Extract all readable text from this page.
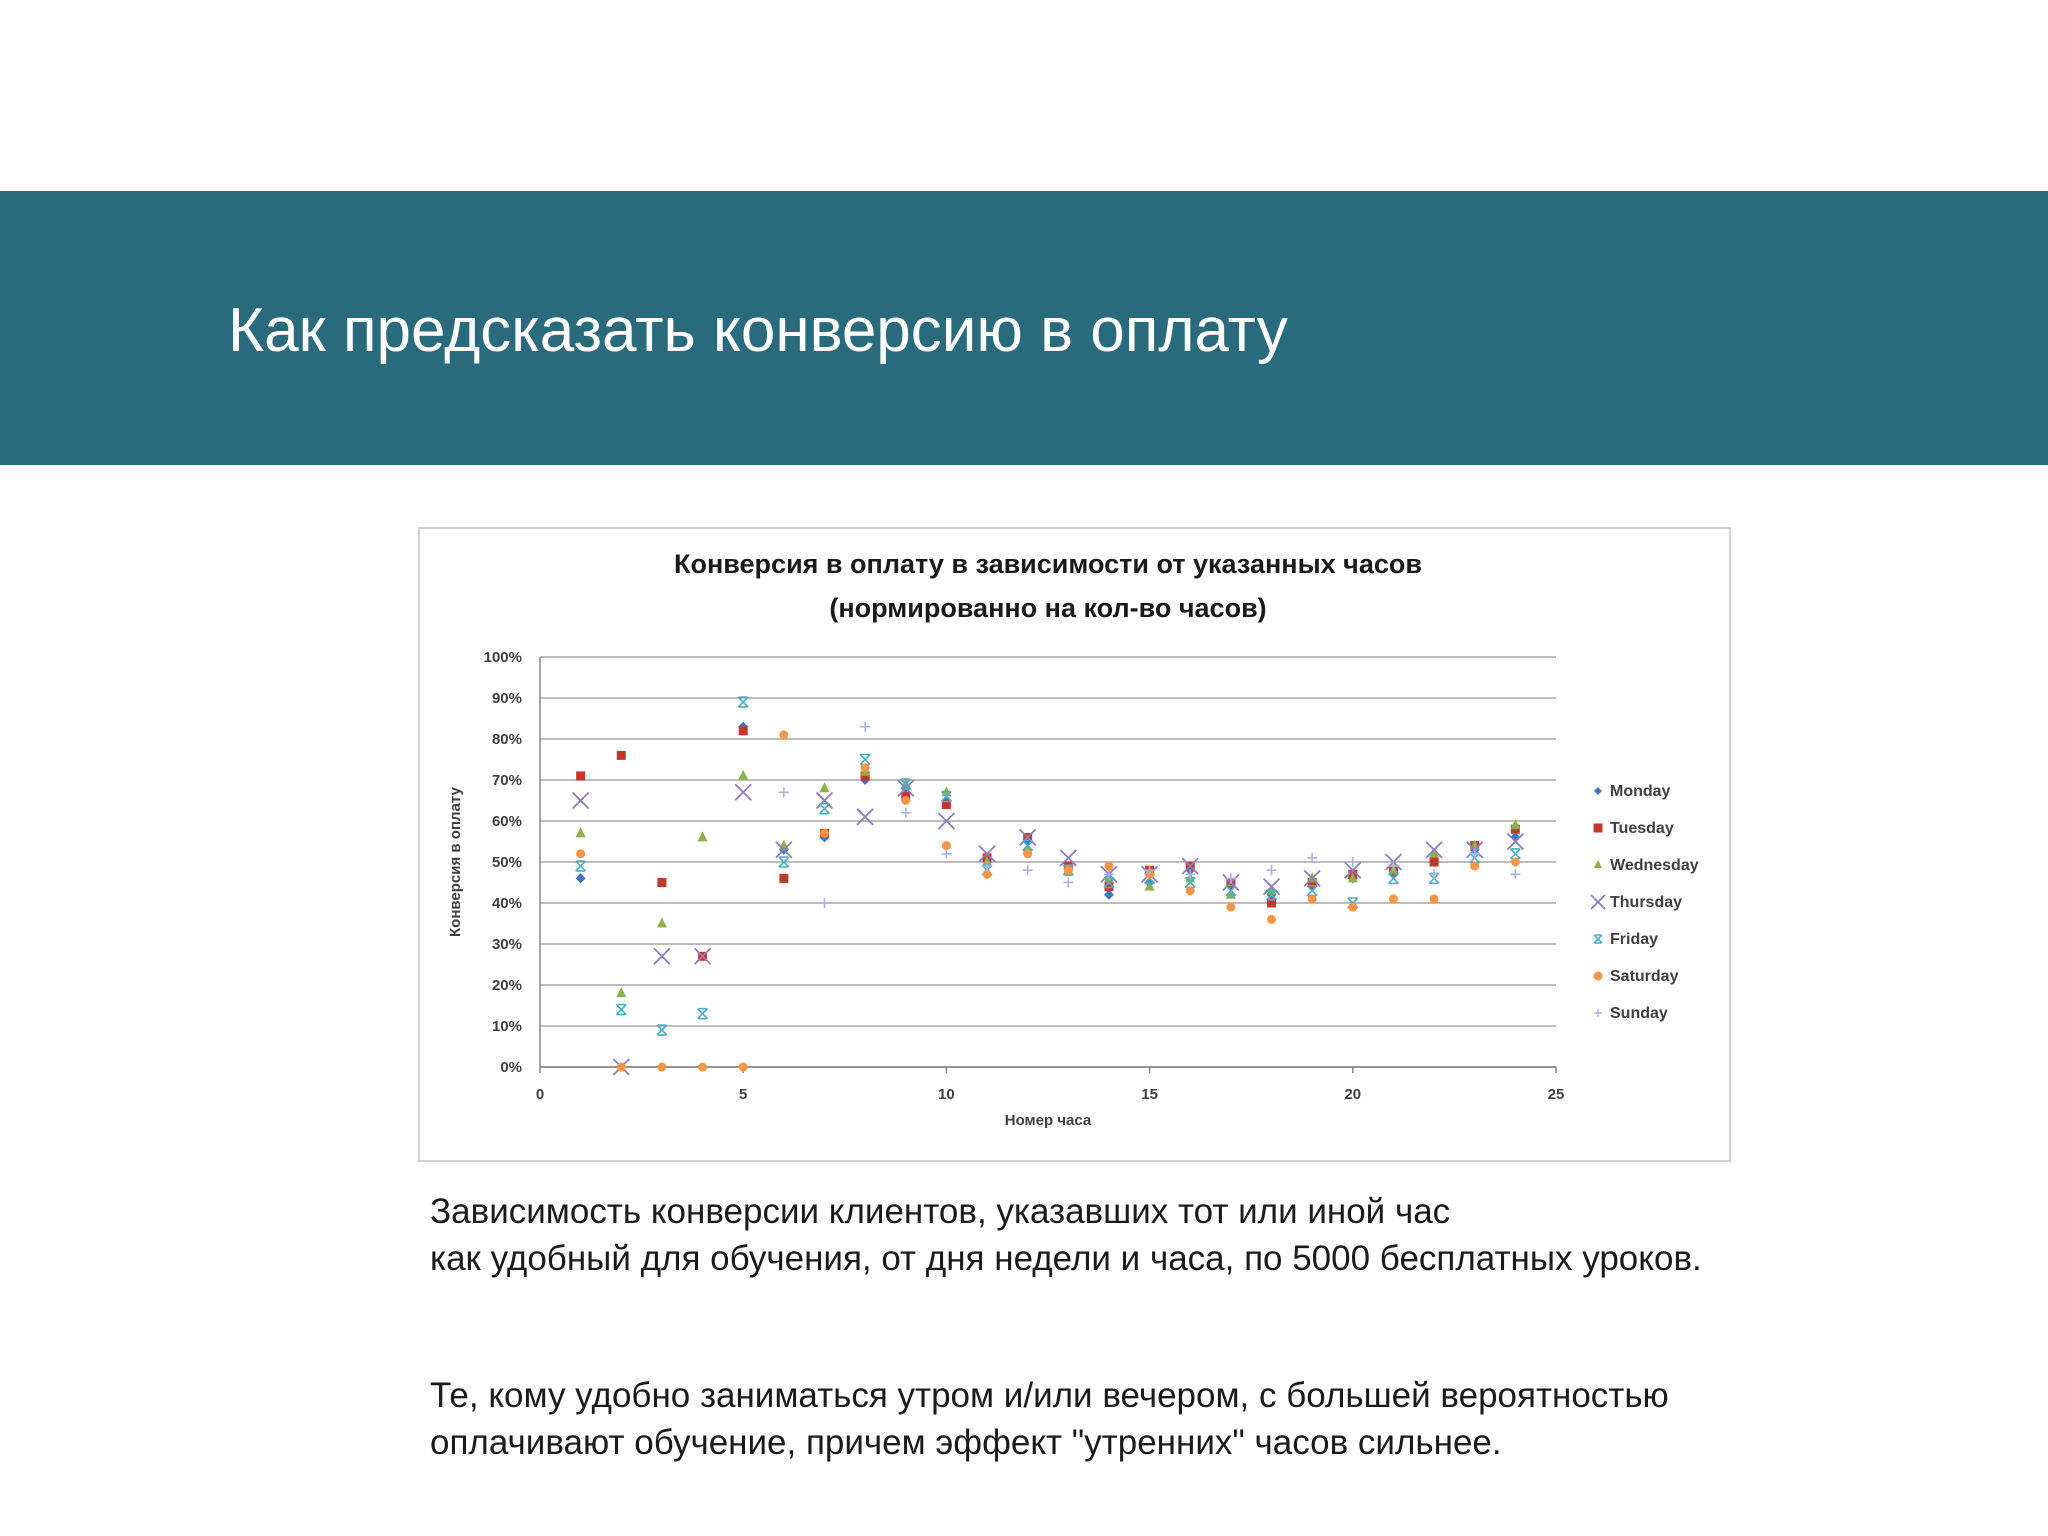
Как предсказать конверсию в оплату
Конверсия в оплату в зависимости от указанных часов
(нормированно на кол-во часов)
0%
10%
20%
30%
40%
50%
60%
70%
80%
90%
100%
0	5	10	15	20	25
Номер часа
Конверсия в оплату	Monday
Tuesday
Wednesday
Thursday
Friday
Saturday
Sunday
Зависимость конверсии клиентов, указавших тот или иной час
как удобный для обучения, от дня недели и часа, по 5000 бесплатных уроков.
Те, кому удобно заниматься утром и/или вечером, с большей вероятностью
оплачивают обучение, причем эффект "утренних" часов сильнее.
